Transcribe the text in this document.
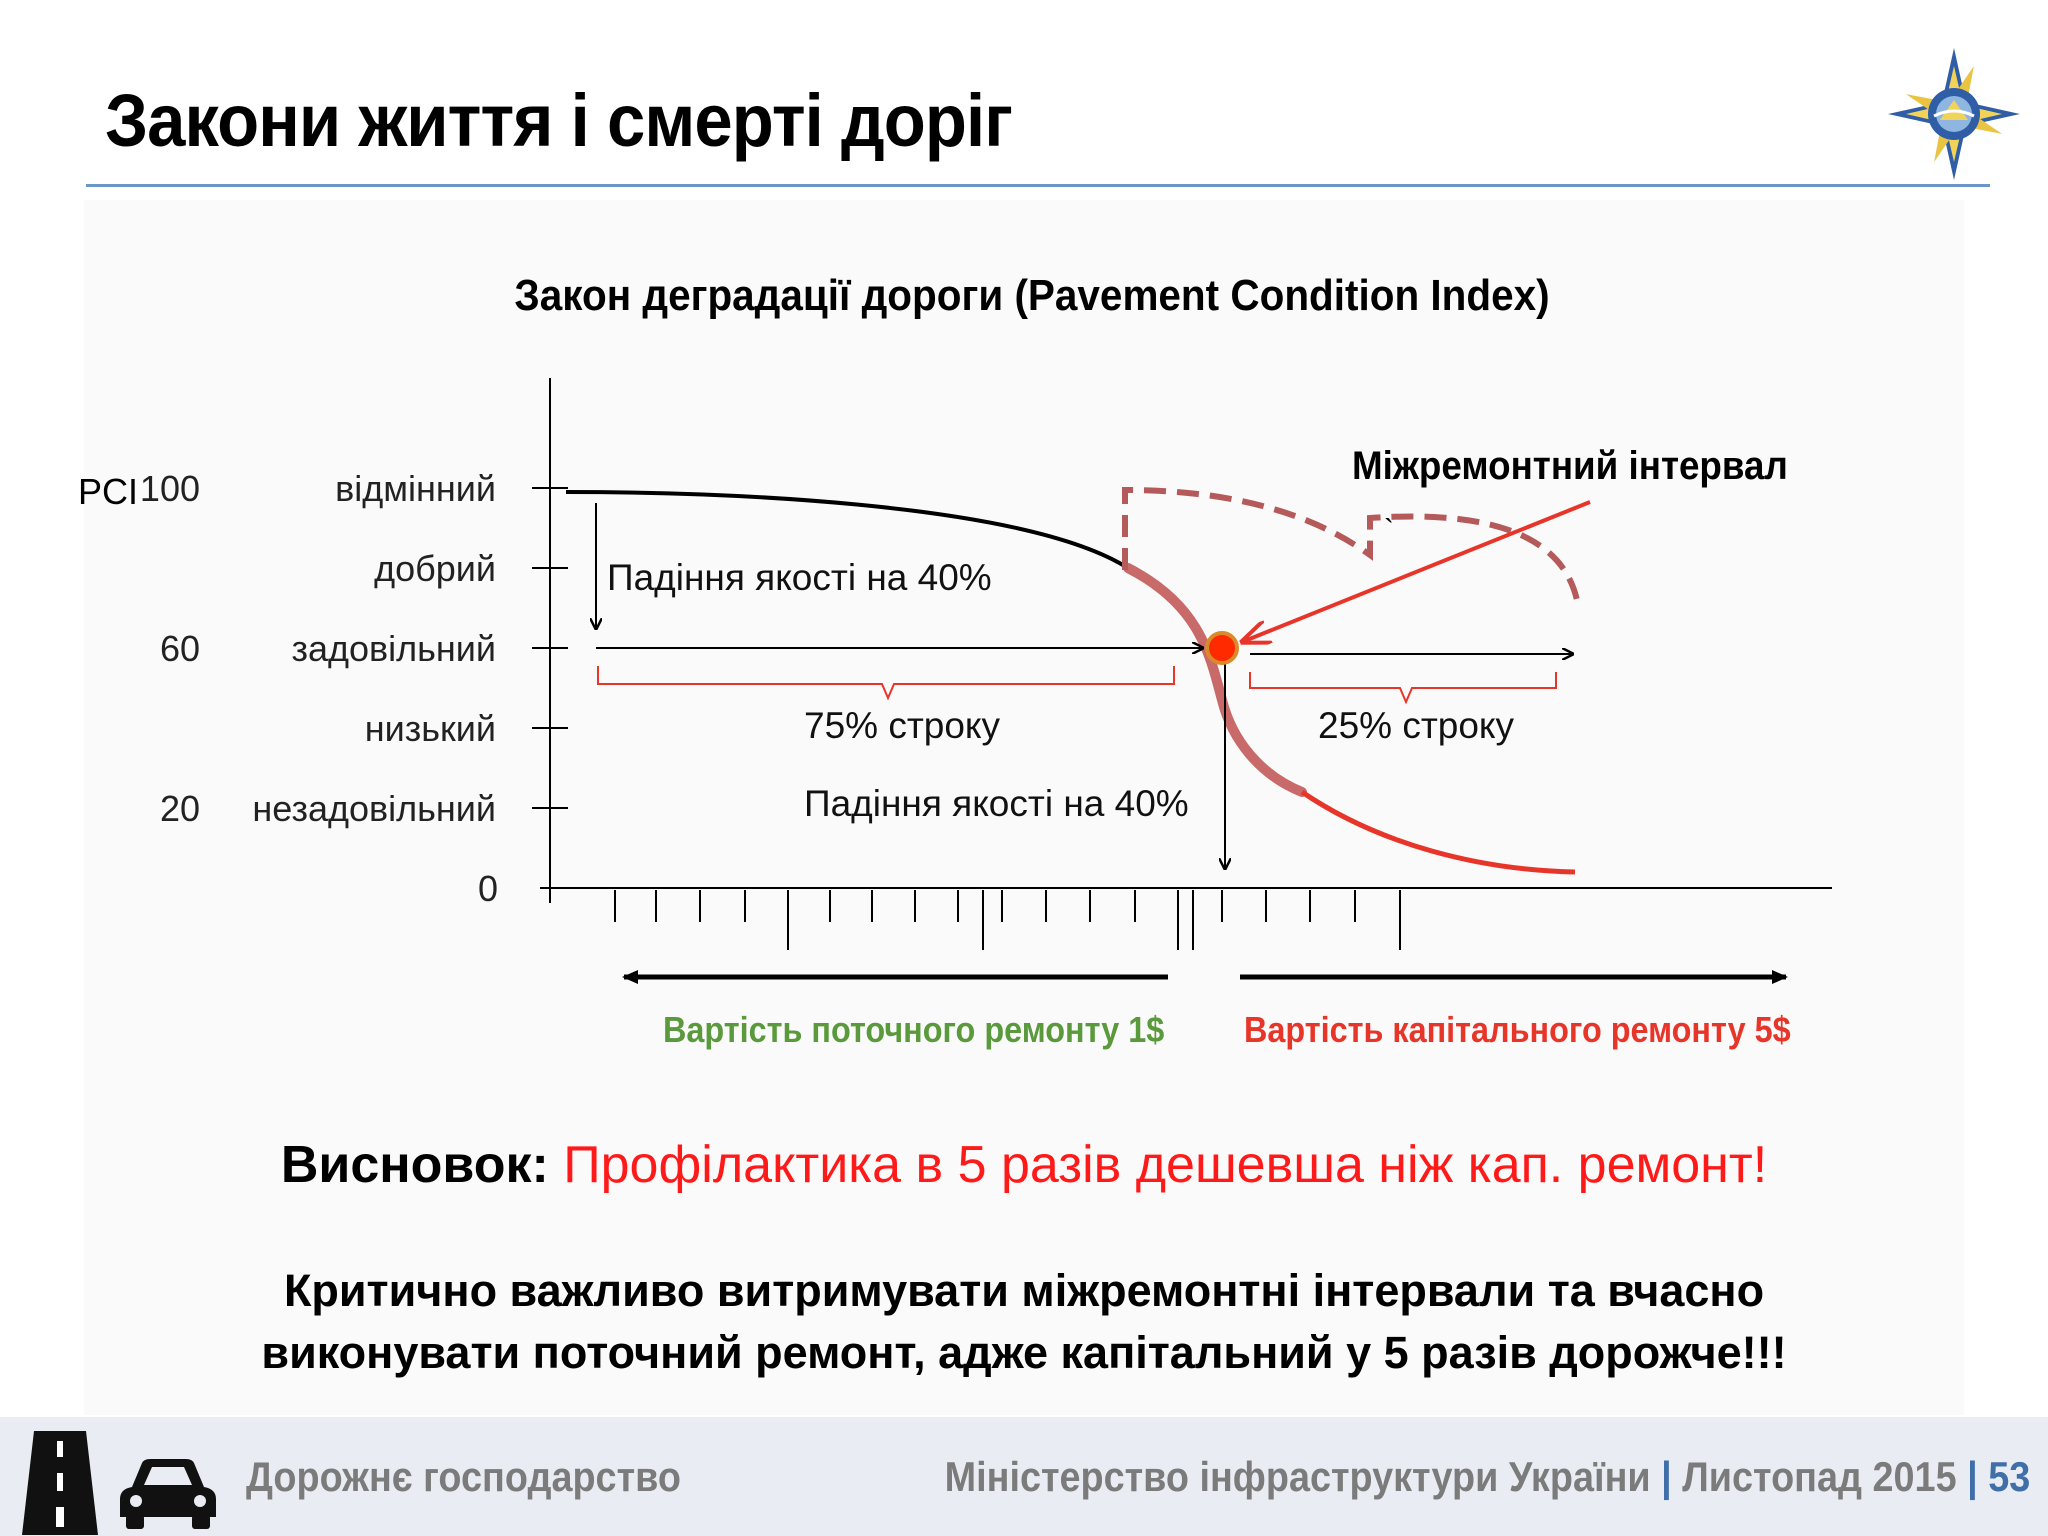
Закони життя і смерті доріг
Закон деградації дороги (Pavement Condition Index)
відмінний
100
PCI
добрий
задовільний
60
низький
незадовільний
20
0
`
Міжремонтний інтервал
Падіння якості на 40%
75% строку	25% строку
Падіння якості на 40%
Вартість поточного ремонту 1$ Вартість капітального ремонту 5$
Висновок: Профілактика в 5 разів дешевша ніж кап. ремонт!
Критично важливо витримувати міжремонтні інтервали та вчасно
виконувати поточний ремонт, адже капітальний у 5 разів дорожче!!!
Дорожнє господарство	Міністерство інфраструктури України | Листопад 2015 | 53
